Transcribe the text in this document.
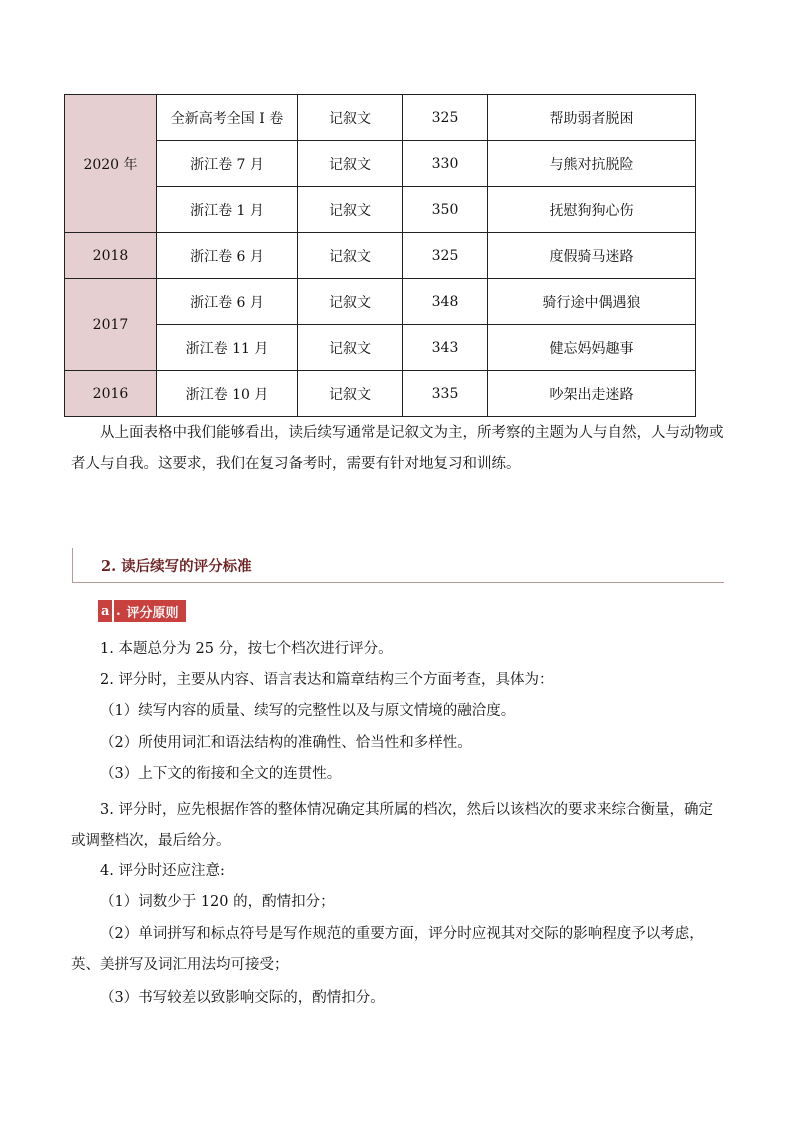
2020 年	全新高考全国 I 卷	记叙文	325	帮助弱者脱困
	浙江卷 7 月	记叙文	330	与熊对抗脱险
	浙江卷 1 月	记叙文	350	抚慰狗狗心伤
2018	浙江卷 6 月	记叙文	325	度假骑马迷路
2017	浙江卷 6 月	记叙文	348	骑行途中偶遇狼
	浙江卷 11 月	记叙文	343	健忘妈妈趣事
2016	浙江卷 10 月	记叙文	335	吵架出走迷路

从上面表格中我们能够看出，读后续写通常是记叙文为主，所考察的主题为人与自然，人与动物或者人与自我。这要求，我们在复习备考时，需要有针对地复习和训练。

2. 读后续写的评分标准
a . 评分原则

1. 本题总分为 25 分，按七个档次进行评分。

2. 评分时，主要从内容、语言表达和篇章结构三个方面考查，具体为：

（1）续写内容的质量、续写的完整性以及与原文情境的融洽度。

（2）所使用词汇和语法结构的准确性、恰当性和多样性。

（3）上下文的衔接和全文的连贯性。

3. 评分时，应先根据作答的整体情况确定其所属的档次，然后以该档次的要求来综合衡量，确定或调整档次，最后给分。

4. 评分时还应注意:

（1）词数少于 120 的，酌情扣分；

（2）单词拼写和标点符号是写作规范的重要方面，评分时应视其对交际的影响程度予以考虑，英、美拼写及词汇用法均可接受；

（3）书写较差以致影响交际的，酌情扣分。
